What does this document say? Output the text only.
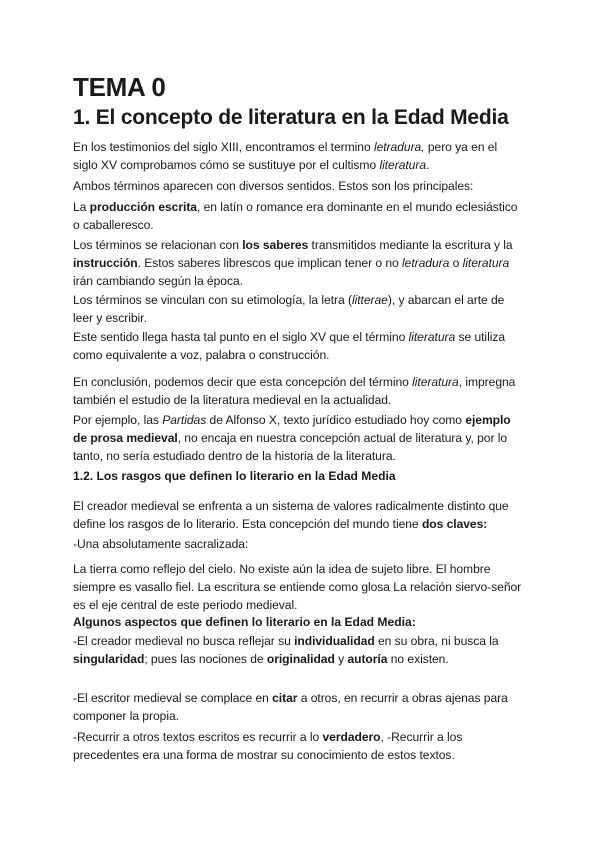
TEMA 0
1. El concepto de literatura en la Edad Media

En los testimonios del siglo XIII, encontramos el termino letradura, pero ya en el
siglo XV comprobamos cómo se sustituye por el cultismo literatura.

Ambos términos aparecen con diversos sentidos. Estos son los principales:

La producción escrita, en latín o romance era dominante en el mundo eclesiástico
o caballeresco.

Los términos se relacionan con los saberes transmitidos mediante la escritura y la
instrucción. Estos saberes librescos que implican tener o no letradura o literatura
irán cambiando según la época.

Los términos se vinculan con su etimología, la letra (litterae), y abarcan el arte de
leer y escribir.

Este sentido llega hasta tal punto en el siglo XV que el término literatura se utiliza
como equivalente a voz, palabra o construcción.

En conclusión, podemos decir que esta concepción del término literatura, impregna
también el estudio de la literatura medieval en la actualidad.

Por ejemplo, las Partidas de Alfonso X, texto jurídico estudiado hoy como ejemplo
de prosa medieval, no encaja en nuestra concepción actual de literatura y, por lo
tanto, no sería estudiado dentro de la historia de la literatura.

1.2. Los rasgos que definen lo literario en la Edad Media

El creador medieval se enfrenta a un sistema de valores radicalmente distinto que
define los rasgos de lo literario. Esta concepción del mundo tiene dos claves:

-Una absolutamente sacralizada:

La tierra como reflejo del cielo. No existe aún la idea de sujeto libre. El hombre
siempre es vasallo fiel. La escritura se entiende como glosa La relación siervo-señor
es el eje central de este periodo medieval.

Algunos aspectos que definen lo literario en la Edad Media:

-El creador medieval no busca reflejar su individualidad en su obra, ni busca la
singularidad; pues las nociones de originalidad y autoría no existen.

-El escritor medieval se complace en citar a otros, en recurrir a obras ajenas para
componer la propia.

-Recurrir a otros textos escritos es recurrir a lo verdadero, -Recurrir a los
precedentes era una forma de mostrar su conocimiento de estos textos.
